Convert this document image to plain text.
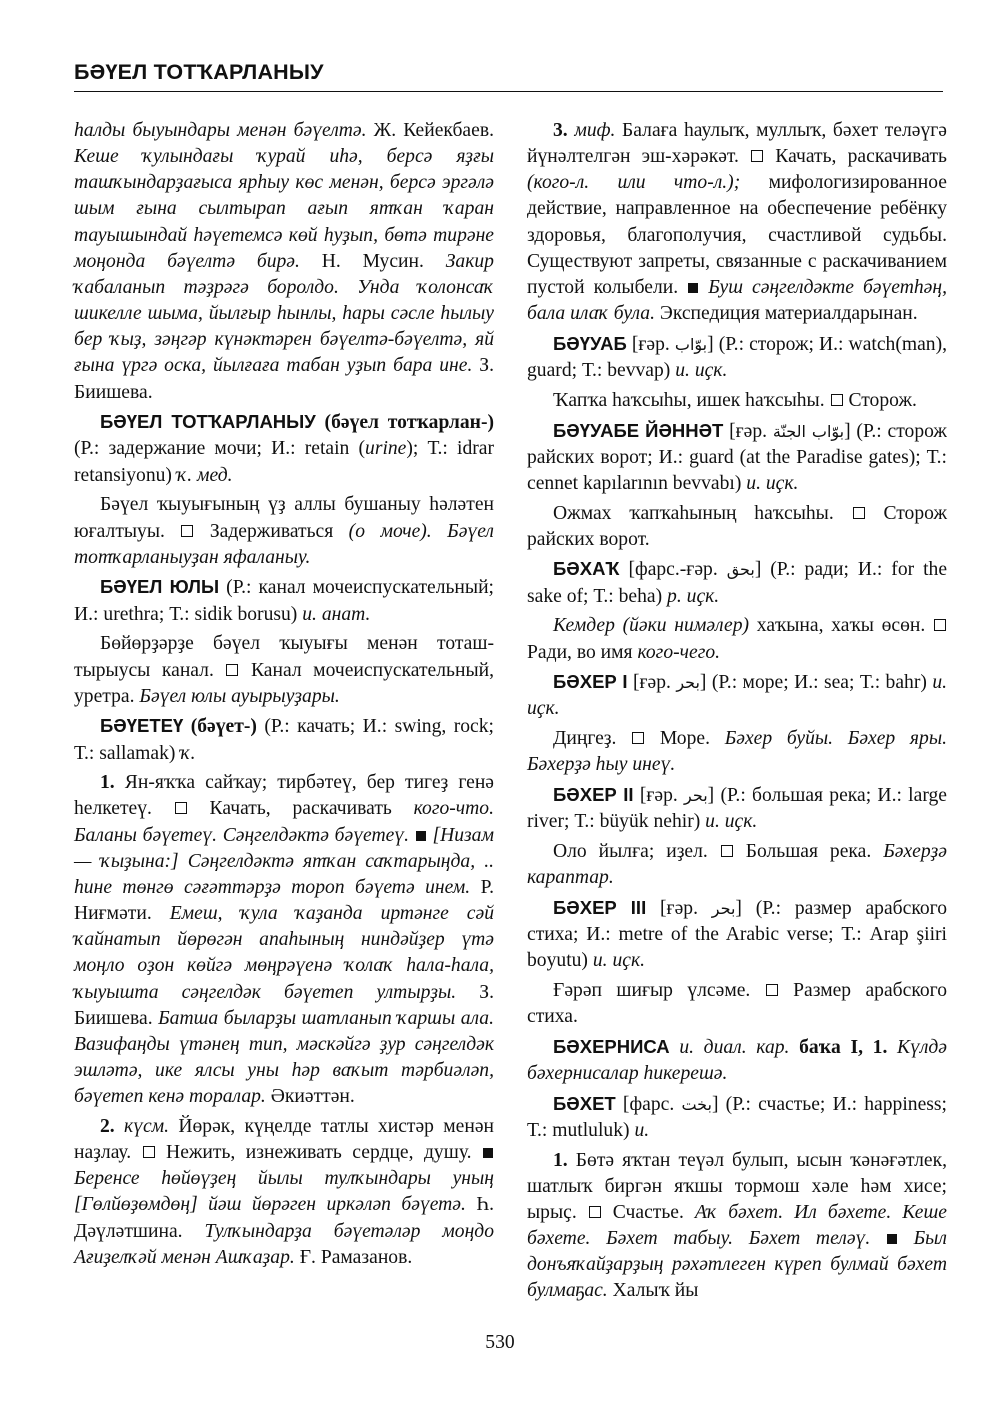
БӘҮЕЛ ТОТҠАРЛАНЫУ

һалды быуындары менән бәүелтә. Ж. Кейекбаев. Кеше ҡулындағы ҡурай иһә, берсә яҙғы ташҡындарҙағыса ярһыу көс менән, берсә эргәлә шым ғына сылтырап ағып ятҡан ҡаран тауышындай һәүетемсә көй һуҙып, бөтә тирәне моңонда бәүелтә бирә. Н. Мусин. Закир ҡабаланып тәҙрәгә боролдо. Унда ҡолонсаҡ шикелле шыма, йылғыр һынлы, һары сәсле һылыу бер ҡыҙ, зәңгәр күнәктәрен бәүелтә-бәүелтә, яй ғына үргә оска, йылғаға табан уҙып бара ине. З. Биишева.

БӘҮЕЛ ТОТҠАРЛАНЫУ (бәүел тотҡарлан-) (Р.: задержание мочи; И.: retain (urine); Т.: idrar retansiyonu) ҡ. мед.

Бәүел ҡыуығының үҙ аллы бушаныу һәләтен юғалтыуы. Задерживаться (о моче). Бәүел тотҡарланыуҙан яфаланыу.

БӘҮЕЛ ЮЛЫ (Р.: канал мочеиспускательный; И.: urethra; Т.: sidik borusu) и. анат.

Бөйөрҙәрҙе бәүел ҡыуығы менән тоташтырыусы канал. Канал мочеиспускательный, уретра. Бәүел юлы ауырыуҙары.

БӘҮЕТЕҮ (бәүет-) (Р.: качать; И.: swing, rock; Т.: sallamak) ҡ.

1. Ян-яҡҡа сайҡау; тирбәтеү, бер тигеҙ генә һелкетеү.	Качать, раскачивать кого-что. Баланы бәүетеү. Сәңгелдәктә бәүетеү. [Низам — ҡыҙына:] Сәңгелдәктә ятҡан саҡтарыңда, .. һине төнгө сәғәттәрҙә тороп бәүетә инем. Р. Ниғмәти. Емеш, ҡула ҡаҙанда иртәнге сәй ҡайнатып йөрөгән апаһының ниндәйҙер үтә моңло оҙон көйгә мөңрәүенә ҡолаҡ һала-һала, ҡыуышта сәңгелдәк бәүетеп ултырҙы. З. Биишева. Батша быларҙы шатланып ҡаршы ала. Вазифаңды үтәнең тип, мәскәйгә ҙур сәңгелдәк эшләтә, ике ялсы уны һәр ваҡыт тәрбиәләп, бәүетеп кенә торалар. Әкиәттән.

2. күсм. Йөрәк, күңелде татлы хистәр менән наҙлау. Нежить, изнеживать сердце, душу.  Беренсе һөйөүҙең йылы тулҡындары уның [Гөлйөҙөмдөң] йәш йөрәген иркәләп бәүетә. Һ. Дәүләтшина. Тулҡындарҙа бәүетәләр моңдо Ағиҙелҡәй менән Ашҡаҙар. Ғ. Рамазанов.

3. миф. Балаға һаулыҡ, муллыҡ, бәхет теләүгә йүнәлтелгән эш-хәрәкәт. Качать, раскачивать (кого-л. или что-л.); мифологизированное действие, направленное на обеспечение ребёнку здоровья, благополучия, счастливой судьбы. Существуют запреты, связанные с раскачиванием пустой колыбели. Буш сәңгелдәкте бәүетһәң, бала илаҡ була. Экспедиция материалдарынан.

БӘҮУАБ [ғәр. بوّاب] (Р.: сторож; И.: watch(man), guard; Т.: bevvap) и. иҫк.

Ҡапҡа һаҡсыһы, ишек һаҡсыһы. Сторож.

БӘҮУАБЕ ЙӘННӘТ [ғәр. بوّاب الجنّة] (Р.: сторож райских ворот; И.: guard (at the Paradise gates); Т.: cennet kapılarının bevvabı) и. иҫк.

Ожмах ҡапҡаһының һаҡсыһы.	Сторож райских ворот.

БӘХАҠ [фарс.-ғәр. بحق] (Р.: ради; И.: for the sake of; Т.: beha) р. иҫк.

Кемдер (йәки нимәлер) хаҡына, хаҡы өсөн.  Ради, во имя кого-чего.

БӘХЕР I [ғәр. بحر] (Р.: море; И.: sea; Т.: bahr) и. иҫк.

Диңгеҙ. Море. Бәхер буйы. Бәхер яры. Бәхерҙә һыу инеү.

БӘХЕР II [ғәр. بحر] (Р.: большая река; И.: large river; Т.: büyük nehir) и. иҫк.

Оло йылға; иҙел. Большая река. Бәхерҙә караптар.

БӘХЕР III [ғәр. بحر] (Р.: размер арабского стиха; И.: metre of the Arabic verse; Т.: Arap şiiri boyutu) и. иҫк.

Ғәрәп шиғыр үлсәме. Размер арабского стиха.

БӘХЕРНИСА и. диал. кар. баҡа I, 1. Күлдә бәхернисалар һикерешә.

БӘХЕТ [фарс. بخت] (Р.: счастье; И.: happiness; Т.: mutluluk) и.

1. Бөтә яҡтан теүәл булып, ысын ҡәнәғәтлек, шатлыҡ биргән яҡшы тормош хәле һәм хисе; ырыҫ. Счастье. Аҡ бәхет. Ил бәхете. Кеше бәхете. Бәхет табыу. Бәхет теләү. Был донъяҡайҙарҙың рәхәтлеген күреп булмай бәхет булмаҕас. Халыҡ йы

530
